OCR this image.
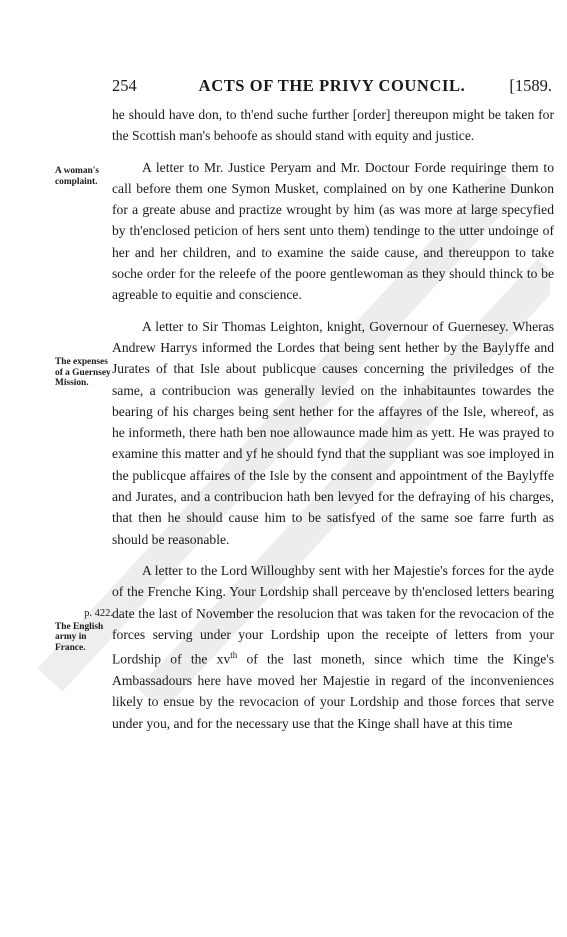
254	ACTS OF THE PRIVY COUNCIL.	[1589.
A woman's complaint.
The expenses of a Guernsey Mission.
p. 422.
The English army in France.

he should have don, to th'end suche further [order] thereupon might be taken for the Scottish man's behoofe as should stand with equity and justice.

A letter to Mr. Justice Peryam and Mr. Doctour Forde requiringe them to call before them one Symon Musket, complained on by one Katherine Dunkon for a greate abuse and practize wrought by him (as was more at large specyfied by th'enclosed peticion of hers sent unto them) tendinge to the utter undoinge of her and her children, and to examine the saide cause, and thereuppon to take soche order for the releefe of the poore gentlewoman as they should thinck to be agreable to equitie and conscience.

A letter to Sir Thomas Leighton, knight, Governour of Guernesey. Wheras Andrew Harrys informed the Lordes that being sent hether by the Baylyffe and Jurates of that Isle about publicque causes concerning the priviledges of the same, a contribucion was generally levied on the inhabitauntes towardes the bearing of his charges being sent hether for the affayres of the Isle, whereof, as he informeth, there hath ben noe allowaunce made him as yett. He was prayed to examine this matter and yf he should fynd that the suppliant was soe imployed in the publicque affaires of the Isle by the consent and appointment of the Baylyffe and Jurates, and a contribucion hath ben levyed for the defraying of his charges, that then he should cause him to be satisfyed of the same soe farre furth as should be reasonable.

A letter to the Lord Willoughby sent with her Majestie's forces for the ayde of the Frenche King. Your Lordship shall perceave by th'enclosed letters bearing date the last of November the resolucion that was taken for the revocacion of the forces serving under your Lordship upon the receipte of letters from your Lordship of the $xv^{th}$ of the last moneth, since which time the Kinge's Ambassadours here have moved her Majestie in regard of the inconveniences likely to ensue by the revocacion of your Lordship and those forces that serve under you, and for the necessary use that the Kinge shall have at this time
